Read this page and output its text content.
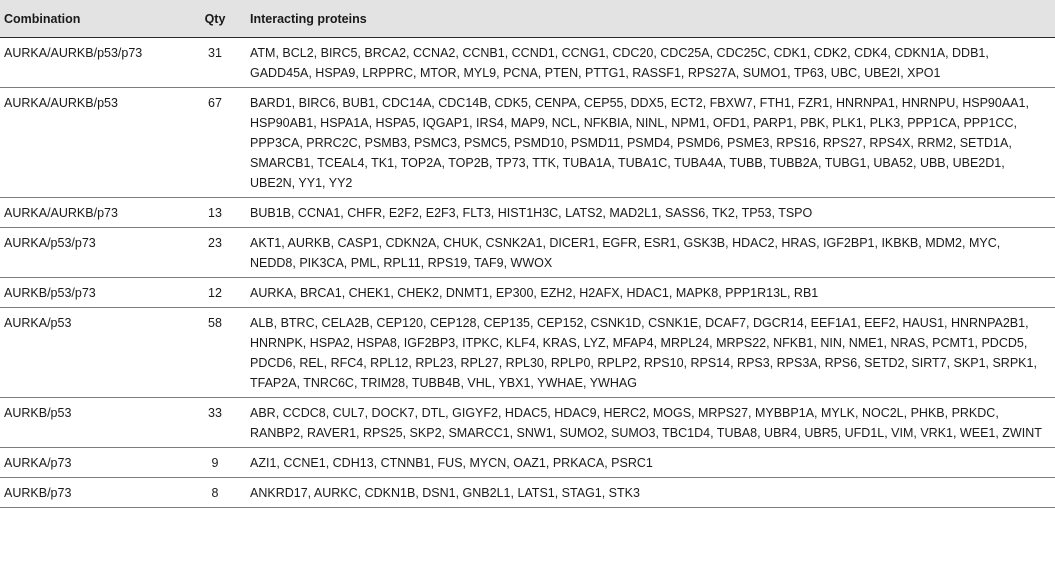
Combination	Qty	Interacting proteins
AURKA/AURKB/p53/p73	31	ATM, BCL2, BIRC5, BRCA2, CCNA2, CCNB1, CCND1, CCNG1, CDC20, CDC25A, CDC25C, CDK1, CDK2, CDK4, CDKN1A, DDB1, GADD45A, HSPA9, LRPPRC, MTOR, MYL9, PCNA, PTEN, PTTG1, RASSF1, RPS27A, SUMO1, TP63, UBC, UBE2I, XPO1
AURKA/AURKB/p53	67	BARD1, BIRC6, BUB1, CDC14A, CDC14B, CDK5, CENPA, CEP55, DDX5, ECT2, FBXW7, FTH1, FZR1, HNRNPA1, HNRNPU, HSP90AA1, HSP90AB1, HSPA1A, HSPA5, IQGAP1, IRS4, MAP9, NCL, NFKBIA, NINL, NPM1, OFD1, PARP1, PBK, PLK1, PLK3, PPP1CA, PPP1CC, PPP3CA, PRRC2C, PSMB3, PSMC3, PSMC5, PSMD10, PSMD11, PSMD4, PSMD6, PSME3, RPS16, RPS27, RPS4X, RRM2, SETD1A, SMARCB1, TCEAL4, TK1, TOP2A, TOP2B, TP73, TTK, TUBA1A, TUBA1C, TUBA4A, TUBB, TUBB2A, TUBG1, UBA52, UBB, UBE2D1, UBE2N, YY1, YY2
AURKA/AURKB/p73	13	BUB1B, CCNA1, CHFR, E2F2, E2F3, FLT3, HIST1H3C, LATS2, MAD2L1, SASS6, TK2, TP53, TSPO
AURKA/p53/p73	23	AKT1, AURKB, CASP1, CDKN2A, CHUK, CSNK2A1, DICER1, EGFR, ESR1, GSK3B, HDAC2, HRAS, IGF2BP1, IKBKB, MDM2, MYC, NEDD8, PIK3CA, PML, RPL11, RPS19, TAF9, WWOX
AURKB/p53/p73	12	AURKA, BRCA1, CHEK1, CHEK2, DNMT1, EP300, EZH2, H2AFX, HDAC1, MAPK8, PPP1R13L, RB1
AURKA/p53	58	ALB, BTRC, CELA2B, CEP120, CEP128, CEP135, CEP152, CSNK1D, CSNK1E, DCAF7, DGCR14, EEF1A1, EEF2, HAUS1, HNRNPA2B1, HNRNPK, HSPA2, HSPA8, IGF2BP3, ITPKC, KLF4, KRAS, LYZ, MFAP4, MRPL24, MRPS22, NFKB1, NIN, NME1, NRAS, PCMT1, PDCD5, PDCD6, REL, RFC4, RPL12, RPL23, RPL27, RPL30, RPLP0, RPLP2, RPS10, RPS14, RPS3, RPS3A, RPS6, SETD2, SIRT7, SKP1, SRPK1, TFAP2A, TNRC6C, TRIM28, TUBB4B, VHL, YBX1, YWHAE, YWHAG
AURKB/p53	33	ABR, CCDC8, CUL7, DOCK7, DTL, GIGYF2, HDAC5, HDAC9, HERC2, MOGS, MRPS27, MYBBP1A, MYLK, NOC2L, PHKB, PRKDC, RANBP2, RAVER1, RPS25, SKP2, SMARCC1, SNW1, SUMO2, SUMO3, TBC1D4, TUBA8, UBR4, UBR5, UFD1L, VIM, VRK1, WEE1, ZWINT
AURKA/p73	9	AZI1, CCNE1, CDH13, CTNNB1, FUS, MYCN, OAZ1, PRKACA, PSRC1
AURKB/p73	8	ANKRD17, AURKC, CDKN1B, DSN1, GNB2L1, LATS1, STAG1, STK3
